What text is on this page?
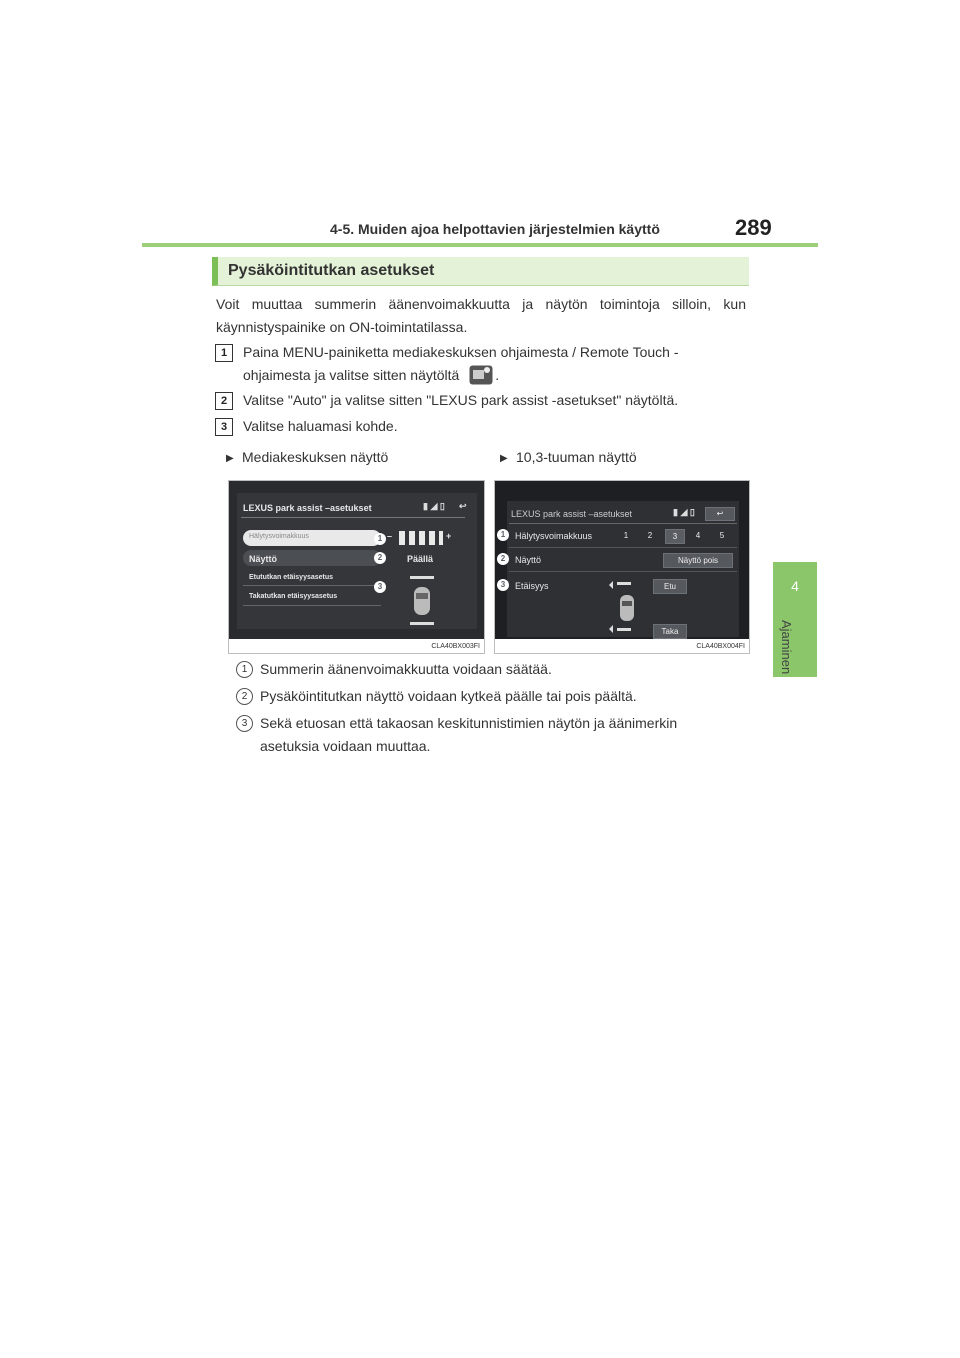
4-5. Muiden ajoa helpottavien järjestelmien käyttö	289
4
Ajaminen
Pysäköintitutkan asetukset
Voit muuttaa summerin äänenvoimakkuutta ja näytön toimintoja silloin, kun käynnistyspainike on ON-toimintatilassa.
1	Paina MENU-painiketta mediakeskuksen ohjaimesta / Remote Touch -
ohjaimesta ja valitse sitten näytöltä	.
2	Valitse "Auto" ja valitse sitten "LEXUS park assist -asetukset" näytöltä.
3	Valitse haluamasi kohde.
▶ Mediakeskuksen näyttö	▶ 10,3-tuuman näyttö
LEXUS park assist –asetukset	▮ ◢ ▯ ↩
Hälytysvoimakkuus	–	+
Näyttö	Päällä
Etututkan etäisyysasetus
Takatutkan etäisyysasetus
1
2
3
CLA40BX003FI
LEXUS park assist –asetukset	▮ ◢ ▯	↩
Hälytysvoimakkuus	1	2	3	4	5
Näyttö	Näyttö pois
Etäisyys	Etu
Taka
1
2
3
CLA40BX004FI
1 Summerin äänenvoimakkuutta voidaan säätää.
2 Pysäköintitutkan näyttö voidaan kytkeä päälle tai pois päältä.
3 Sekä etuosan että takaosan keskitunnistimien näytön ja äänimerkin
asetuksia voidaan muuttaa.
